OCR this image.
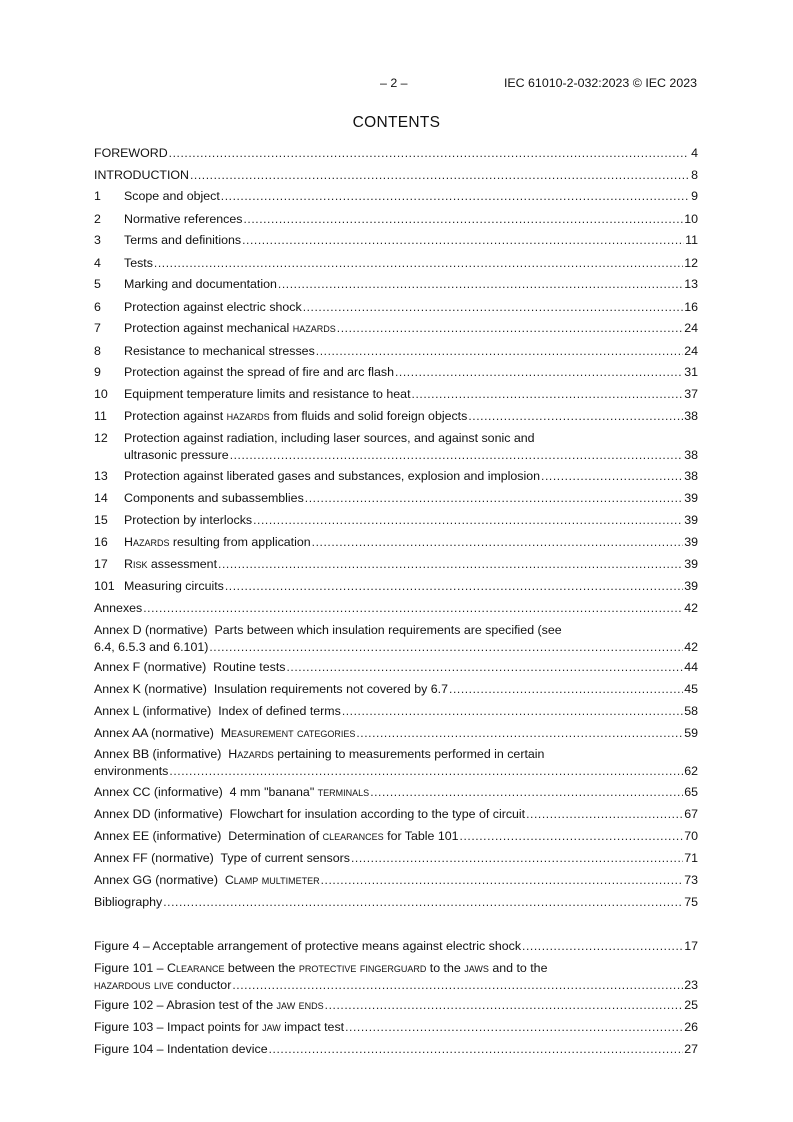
– 2 –	IEC 61010-2-032:2023 © IEC 2023
CONTENTS
FOREWORD .....	4
INTRODUCTION .....	8
1	Scope and object .....	9
2	Normative references .....	10
3	Terms and definitions .....	11
4	Tests .....	12
5	Marking and documentation .....	13
6	Protection against electric shock .....	16
7	Protection against mechanical hazards .....	24
8	Resistance to mechanical stresses .....	24
9	Protection against the spread of fire and arc flash .....	31
10	Equipment temperature limits and resistance to heat .....	37
11	Protection against hazards from fluids and solid foreign objects .....	38
12 Protection against radiation, including laser sources, and against sonic and
ultrasonic pressure .....	38
13	Protection against liberated gases and substances, explosion and implosion .....	38
14	Components and subassemblies .....	39
15	Protection by interlocks .....	39
16	Hazards resulting from application .....	39
17	Risk assessment .....	39
101 Measuring circuits .....	39
Annexes .....	42
Annex D (normative) Parts between which insulation requirements are specified (see
6.4, 6.5.3 and 6.101) .....	42
Annex F (normative) Routine tests .....	44
Annex K (normative) Insulation requirements not covered by 6.7 .....	45
Annex L (informative) Index of defined terms .....	58
Annex AA (normative) Measurement categories .....	59
Annex BB (informative) Hazards pertaining to measurements performed in certain
environments .....	62
Annex CC (informative) 4 mm "banana" terminals .....	65
Annex DD (informative) Flowchart for insulation according to the type of circuit .....	67
Annex EE (informative) Determination of clearances for Table 101 .....	70
Annex FF (normative) Type of current sensors .....	71
Annex GG (normative) Clamp multimeter .....	73
Bibliography .....	75
Figure 4 – Acceptable arrangement of protective means against electric shock .....	17
Figure 101 – Clearance between the protective fingerguard to the jaws and to the
hazardous live conductor .....	23
Figure 102 – Abrasion test of the jaw ends .....	25
Figure 103 – Impact points for jaw impact test .....	26
Figure 104 – Indentation device .....	27
